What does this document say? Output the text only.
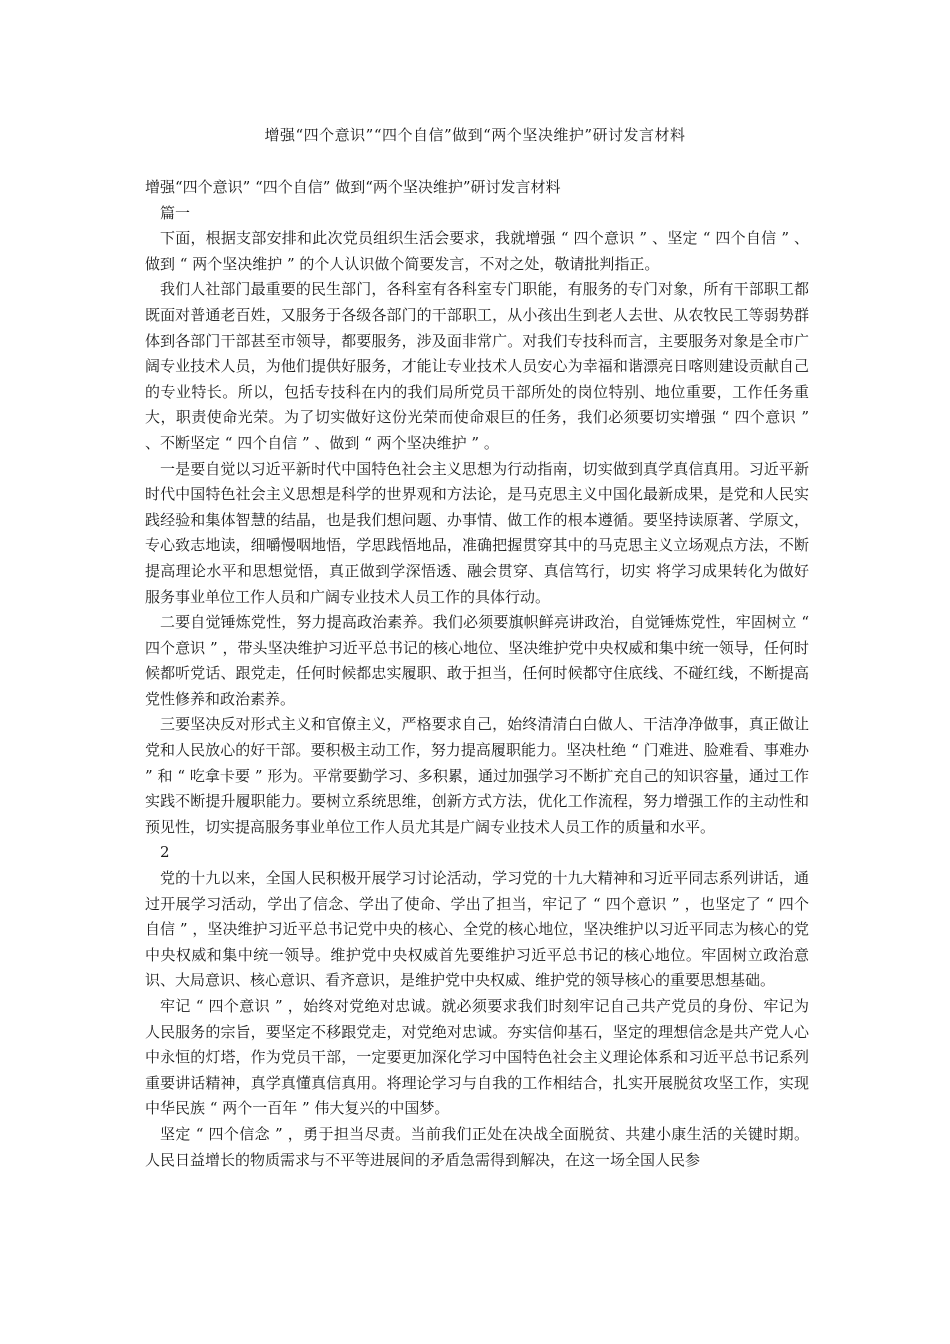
增强“四个意识”“四个自信”做到“两个坚决维护”研讨发言材料

增强“四个意识” “四个自信” 做到“两个坚决维护”研讨发言材料

篇一

下面，根据支部安排和此次党员组织生活会要求，我就增强 “ 四个意识 ” 、坚定 “ 四个自信 ” 、做到 “ 两个坚决维护 ” 的个人认识做个简要发言，不对之处，敬请批判指正。

我们人社部门最重要的民生部门，各科室有各科室专门职能，有服务的专门对象，所有干部职工都既面对普通老百姓，又服务于各级各部门的干部职工，从小孩出生到老人去世、从农牧民工等弱势群体到各部门干部甚至市领导，都要服务，涉及面非常广。对我们专技科而言，主要服务对象是全市广阔专业技术人员，为他们提供好服务，才能让专业技术人员安心为幸福和谐漂亮日喀则建设贡献自己的专业特长。所以，包括专技科在内的我们局所党员干部所处的岗位特别、地位重要，工作任务重大，职责使命光荣。为了切实做好这份光荣而使命艰巨的任务，我们必须要切实增强 “ 四个意识 ” 、不断坚定 “ 四个自信 ” 、做到 “ 两个坚决维护 ” 。

一是要自觉以习近平新时代中国特色社会主义思想为行动指南，切实做到真学真信真用。习近平新时代中国特色社会主义思想是科学的世界观和方法论，是马克思主义中国化最新成果，是党和人民实践经验和集体智慧的结晶，也是我们想问题、办事情、做工作的根本遵循。要坚持读原著、学原文，专心致志地读，细嚼慢咽地悟，学思践悟地品，准确把握贯穿其中的马克思主义立场观点方法，不断提高理论水平和思想觉悟，真正做到学深悟透、融会贯穿、真信笃行，切实 将学习成果转化为做好服务事业单位工作人员和广阔专业技术人员工作的具体行动。

二要自觉锤炼党性，努力提高政治素养。我们必须要旗帜鲜亮讲政治，自觉锤炼党性，牢固树立 “ 四个意识 ” ，带头坚决维护习近平总书记的核心地位、坚决维护党中央权威和集中统一领导，任何时候都听党话、跟党走，任何时候都忠实履职、敢于担当，任何时候都守住底线、不碰红线，不断提高党性修养和政治素养。

三要坚决反对形式主义和官僚主义，严格要求自己，始终清清白白做人、干洁净净做事，真正做让党和人民放心的好干部。要积极主动工作，努力提高履职能力。坚决杜绝 “ 门难进、脸难看、事难办 ” 和 “ 吃拿卡要 ” 形为。平常要勤学习、多积累，通过加强学习不断扩充自己的知识容量，通过工作实践不断提升履职能力。要树立系统思维，创新方式方法，优化工作流程，努力增强工作的主动性和预见性，切实提高服务事业单位工作人员尤其是广阔专业技术人员工作的质量和水平。

2

党的十九以来，全国人民积极开展学习讨论活动，学习党的十九大精神和习近平同志系列讲话，通过开展学习活动，学出了信念、学出了使命、学出了担当，牢记了 “ 四个意识 ” ，也坚定了 “ 四个自信 ” ，坚决维护习近平总书记党中央的核心、全党的核心地位，坚决维护以习近平同志为核心的党中央权威和集中统一领导。维护党中央权威首先要维护习近平总书记的核心地位。牢固树立政治意识、大局意识、核心意识、看齐意识，是维护党中央权威、维护党的领导核心的重要思想基础。

牢记 “ 四个意识 ” ，始终对党绝对忠诚。就必须要求我们时刻牢记自己共产党员的身份、牢记为人民服务的宗旨，要坚定不移跟党走，对党绝对忠诚。夯实信仰基石，坚定的理想信念是共产党人心中永恒的灯塔，作为党员干部，一定要更加深化学习中国特色社会主义理论体系和习近平总书记系列重要讲话精神，真学真懂真信真用。将理论学习与自我的工作相结合，扎实开展脱贫攻坚工作，实现中华民族 “ 两个一百年 ” 伟大复兴的中国梦。

坚定 “ 四个信念 ” ，勇于担当尽责。当前我们正处在决战全面脱贫、共建小康生活的关键时期。人民日益增长的物质需求与不平等进展间的矛盾急需得到解决，在这一场全国人民参
